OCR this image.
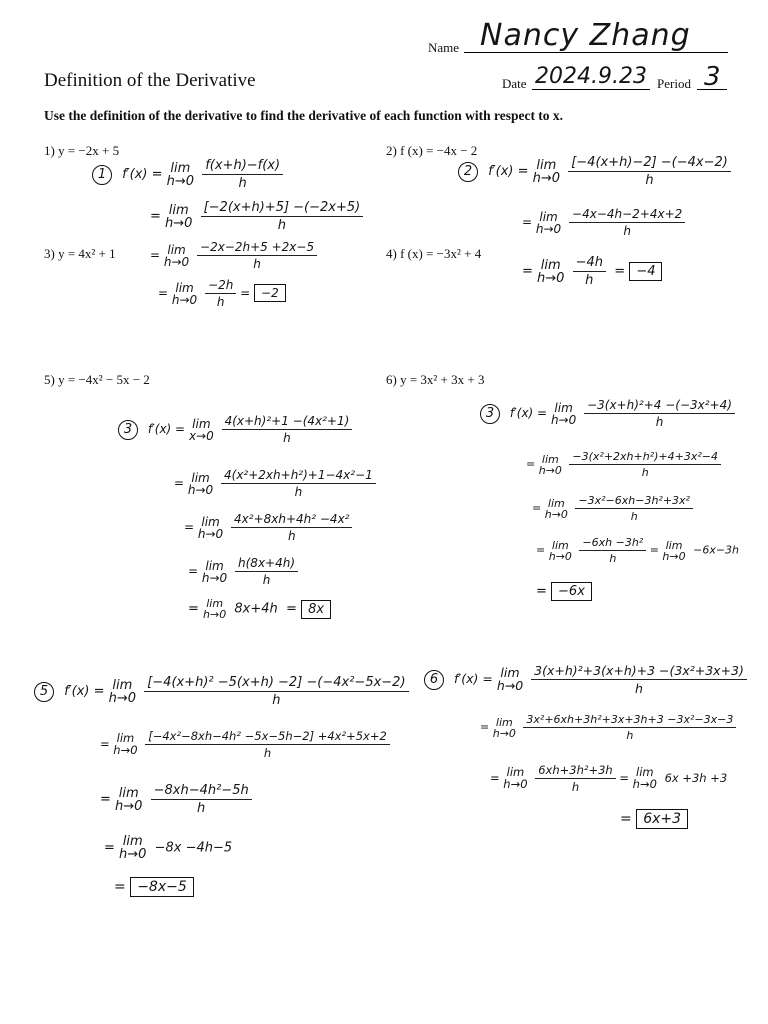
Name Nancy Zhang
Definition of the Derivative	Date 2024.9.23 Period 3
Use the definition of the derivative to find the derivative of each function with respect to x.
1) y = −2x + 5	2) f (x) = −4x − 2
3) y = 4x² + 1	4) f (x) = −3x² + 4
5) y = −4x² − 5x − 2	6) y = 3x² + 3x + 3
1 f′(x) = lim
h→0
$\frac{f(x+h)-f(x)}{h}$
= lim
h→0
$\frac{[-2(x+h)+5] -(-2x+5)}{h}$
= lim
h→0
$\frac{-2x-2h+5 +2x-5}{h}$
= lim
h→0
$\frac{-2h}{h} = -2$
2 f′(x) = lim
h→0
$\frac{[-4(x+h)-2] -(-4x-2)}{h}$
= lim
h→0
$\frac{-4x-4h-2+4x+2}{h}$
= lim
h→0
$\frac{-4h}{h} = -4$
3 f′(x) = lim
x→0
$\frac{\text{4(x+h)²+1 −(4x²+1)}}{h}$
= lim
h→0
$\frac{\text{4(x²+2xh+h²)+1−4x²−1}}{h}$
= lim
h→0
$\frac{\text{4x²+8xh+4h² −4x²}}{h}$
= lim
h→0
$\frac{h(8x+4h)}{h}$
= lim
h→0 8x+4h  = 8x
3 f′(x) = lim
h→0
$\frac{\text{−3(x+h)²+4 −(−3x²+4)}}{h}$
= lim
h→0
$\frac{\text{−3(x²+2xh+h²)+4+3x²−4}}{h}$
= lim
h→0
$\frac{\text{−3x²−6xh−3h²+3x²}}{h}$
= lim
h→0
$\frac{\text{−6xh −3h²}}{h} = \lim$
h→0 −6x−3h
= −6x
5 f′(x) = lim
h→0
$\frac{\text{[−4(x+h)² −5(x+h) −2] −(−4x²−5x−2)}}{h}$
= lim
h→0
$\frac{\text{[−4x²−8xh−4h² −5x−5h−2] +4x²+5x+2}}{h}$
= lim
h→0
$\frac{\text{−8xh−4h²−5h}}{h}$
= lim
h→0 −8x −4h−5
= −8x−5
6 f′(x) = lim
h→0
$\frac{\text{3(x+h)²+3(x+h)+3 −(3x²+3x+3)}}{h}$
= lim
h→0
$\frac{\text{3x²+6xh+3h²+3x+3h+3 −3x²−3x−3}}{h}$
= lim
h→0
$\frac{\text{6xh+3h²+3h}}{h} = \lim$
h→0 6x +3h +3
= 6x+3
